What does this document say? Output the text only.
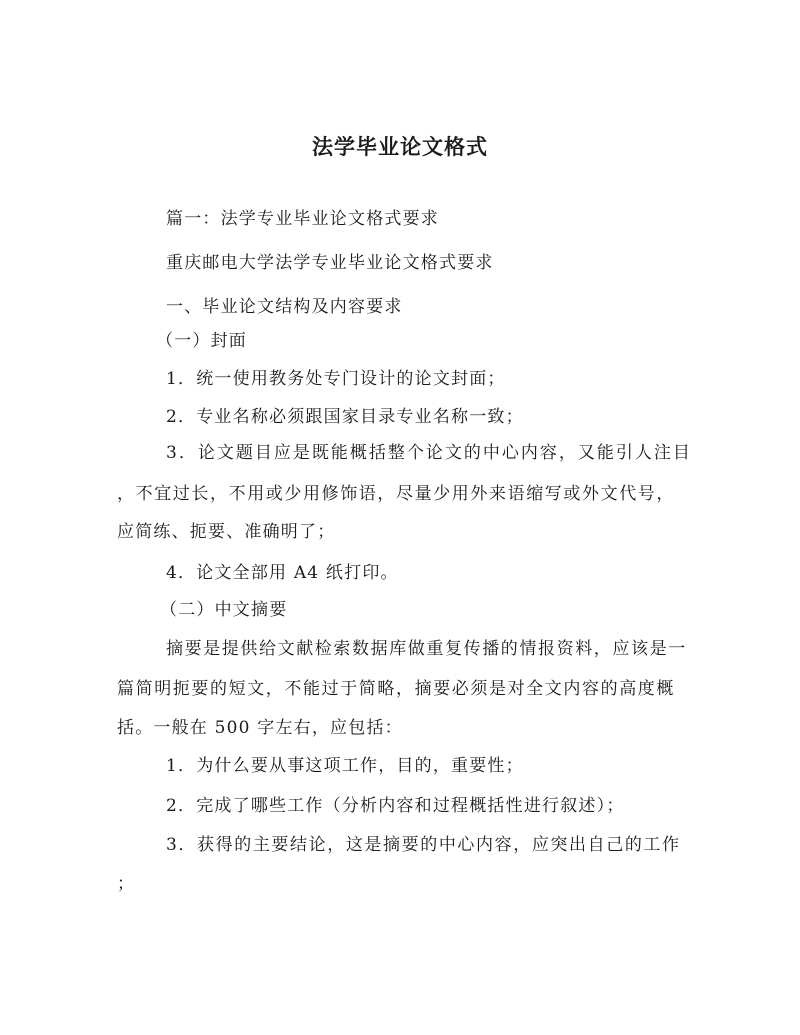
法学毕业论文格式

篇一：法学专业毕业论文格式要求

重庆邮电大学法学专业毕业论文格式要求

一、毕业论文结构及内容要求

（一）封面

1．统一使用教务处专门设计的论文封面；

2．专业名称必须跟国家目录专业名称一致；

3．论文题目应是既能概括整个论文的中心内容，又能引人注目

，不宜过长，不用或少用修饰语，尽量少用外来语缩写或外文代号，

应简练、扼要、准确明了；

4．论文全部用 A4 纸打印。

（二）中文摘要

摘要是提供给文献检索数据库做重复传播的情报资料，应该是一

篇简明扼要的短文，不能过于简略，摘要必须是对全文内容的高度概

括。一般在 500 字左右，应包括：

1．为什么要从事这项工作，目的，重要性；

2．完成了哪些工作（分析内容和过程概括性进行叙述）；

3．获得的主要结论，这是摘要的中心内容，应突出自己的工作

；
